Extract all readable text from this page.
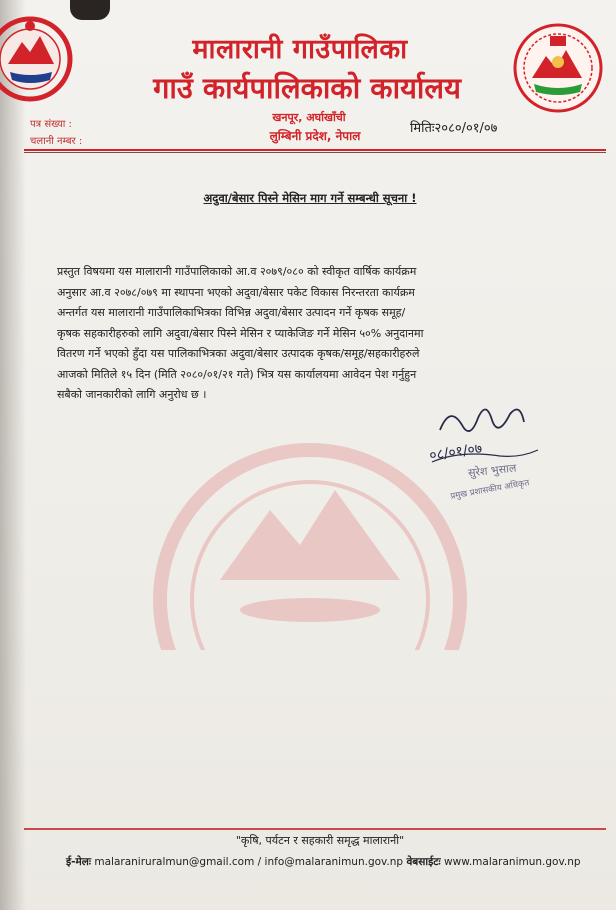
मालारानी गाउँपालिका
गाउँ कार्यपालिकाको कार्यालय
खनपूर, अर्घाखाँची
लुम्बिनी प्रदेश, नेपाल
पत्र संख्या :
चलानी नम्बर :
मितिः२०८०/०१/०७
अदुवा/बेसार पिस्ने मेसिन माग गर्ने सम्बन्धी सूचना !

प्रस्तुत विषयमा यस मालारानी गाउँपालिकाको आ.व २०७९/०८० को स्वीकृत वार्षिक कार्यक्रम

अनुसार आ.व २०७८/०७९ मा स्थापना भएको अदुवा/बेसार पकेट विकास निरन्तरता कार्यक्रम

अन्तर्गत यस मालारानी गाउँपालिकाभित्रका विभिन्न अदुवा/बेसार उत्पादन गर्ने कृषक समूह/

कृषक सहकारीहरुको लागि अदुवा/बेसार पिस्ने मेसिन र प्याकेजिङ गर्ने मेसिन ५०% अनुदानमा

वितरण गर्ने भएको हुँदा यस पालिकाभित्रका अदुवा/बेसार उत्पादक कृषक/समूह/सहकारीहरुले

आजको मितिले १५ दिन (मिति २०८०/०१/२१ गते) भित्र यस कार्यालयमा आवेदन पेश गर्नुहुन

सबैको जानकारीको लागि अनुरोध छ ।

०८/०१/०७
सुरेश भुसाल
प्रमुख प्रशासकीय अधिकृत
"कृषि, पर्यटन र सहकारी समृद्ध मालारानी"
ई-मेलः malaraniruralmun@gmail.com / info@malaranimun.gov.np वेबसाईटः www.malaranimun.gov.np
